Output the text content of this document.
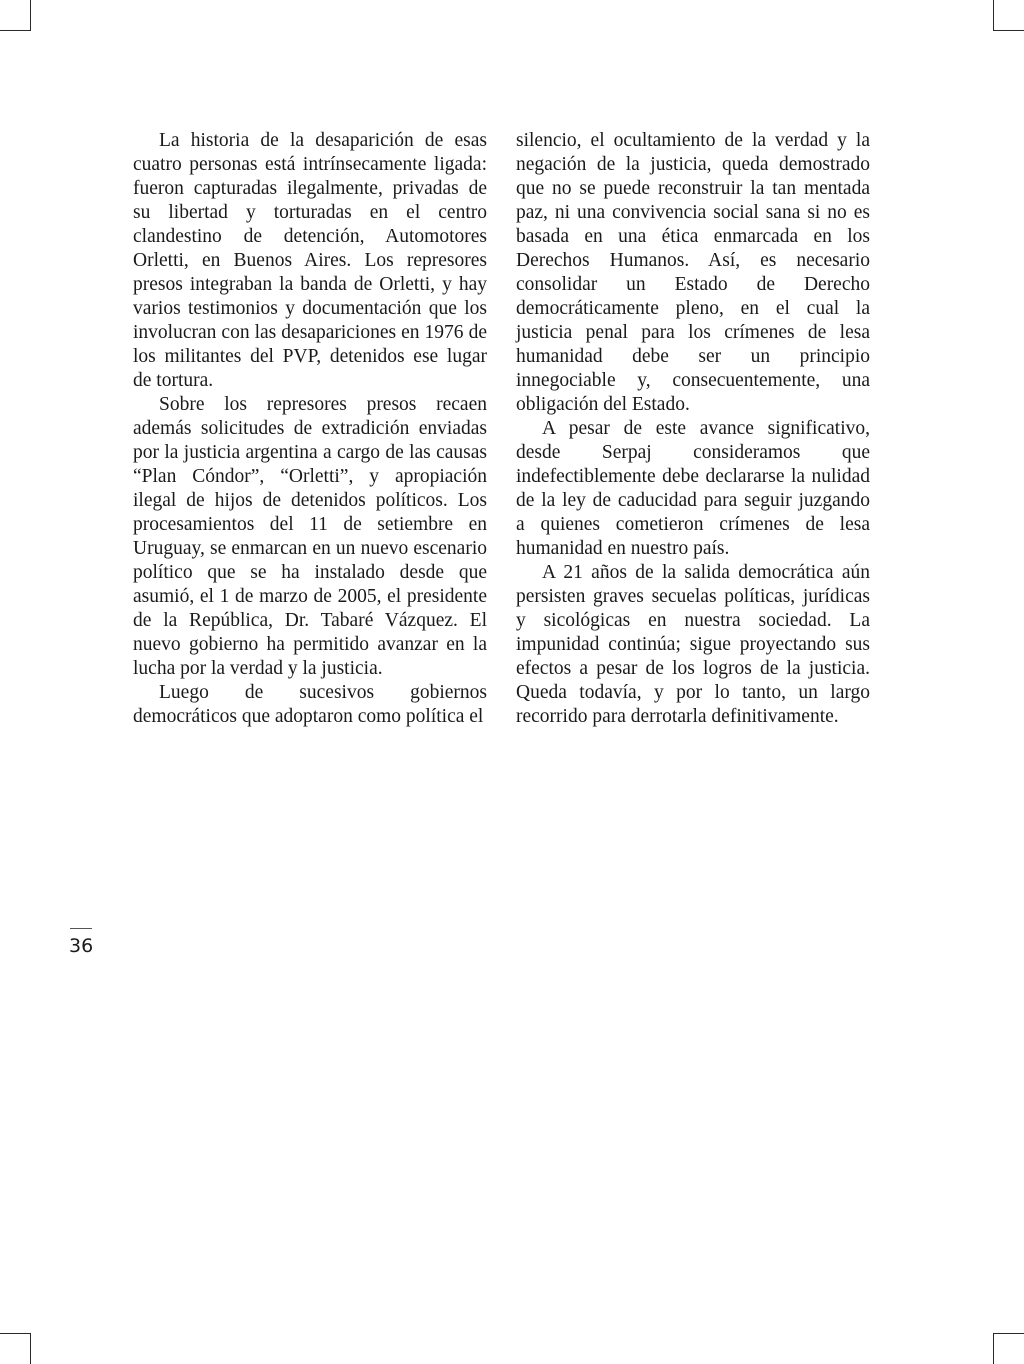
La historia de la desaparición de esas cuatro personas está intrínsecamente ligada: fueron capturadas ilegalmente, privadas de su libertad y torturadas en el centro clandestino de detención, Automotores Orletti, en Buenos Aires. Los represores presos integraban la banda de Orletti, y hay varios testimonios y documentación que los involucran con las desapariciones en 1976 de los militantes del PVP, detenidos ese lugar de tortura.

Sobre los represores presos recaen además solicitudes de extradición enviadas por la justicia argentina a cargo de las causas “Plan Cóndor”, “Orletti”, y apropiación ilegal de hijos de detenidos políticos. Los procesamientos del 11 de setiembre en Uruguay, se enmarcan en un nuevo escenario político que se ha instalado desde que asumió, el 1 de marzo de 2005, el presidente de la República, Dr. Tabaré Vázquez. El nuevo gobierno ha permitido avanzar en la lucha por la verdad y la justicia.

Luego de sucesivos gobiernos democráticos que adoptaron como política el

silencio, el ocultamiento de la verdad y la negación de la justicia, queda demostrado que no se puede reconstruir la tan mentada paz, ni una convivencia social sana si no es basada en una ética enmarcada en los Derechos Humanos. Así, es necesario consolidar un Estado de Derecho democráticamente pleno, en el cual la justicia penal para los crímenes de lesa humanidad debe ser un principio innegociable y, consecuentemente, una obligación del Estado.

A pesar de este avance significativo, desde Serpaj consideramos que indefectiblemente debe declararse la nulidad de la ley de caducidad para seguir juzgando a quienes cometieron crímenes de lesa humanidad en nuestro país.

A 21 años de la salida democrática aún persisten graves secuelas políticas, jurídicas y sicológicas en nuestra sociedad. La impunidad continúa; sigue proyectando sus efectos a pesar de los logros de la justicia. Queda todavía, y por lo tanto, un largo recorrido para derrotarla definitivamente.

36
